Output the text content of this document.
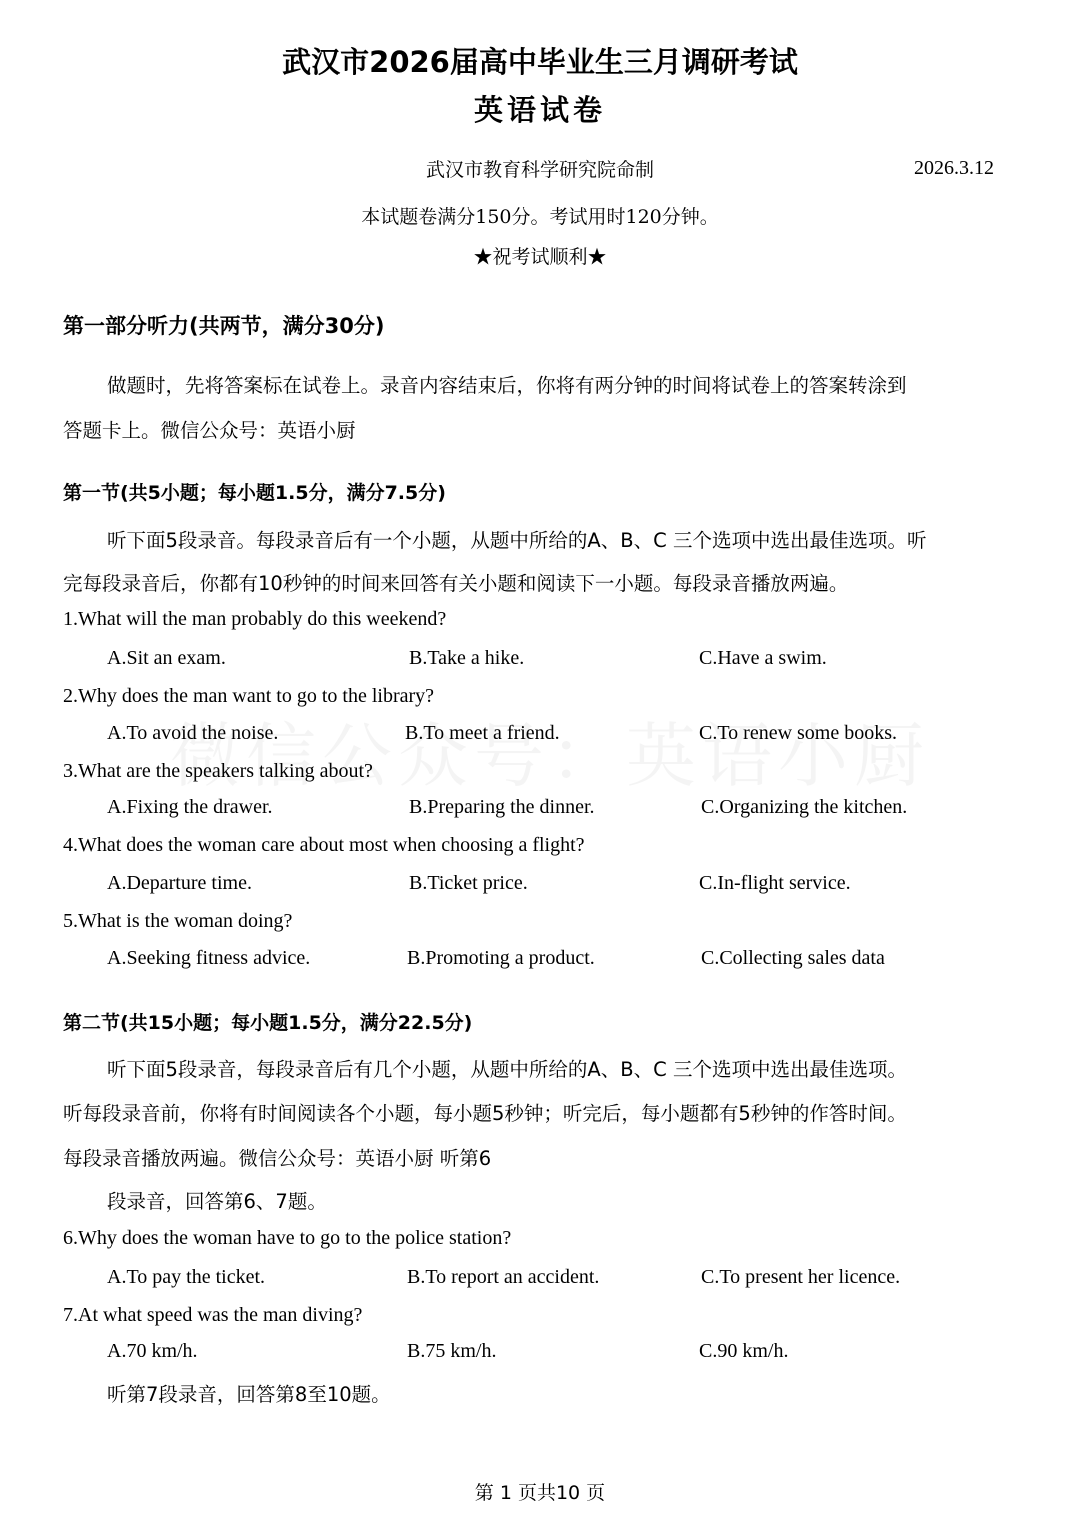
武汉市2026届高中毕业生三月调研考试
英语试卷
武汉市教育科学研究院命制	2026.3.12
本试题卷满分150分。考试用时120分钟。
★祝考试顺利★
第一部分听力(共两节，满分30分)
做题时，先将答案标在试卷上。录音内容结束后，你将有两分钟的时间将试卷上的答案转涂到
答题卡上。微信公众号：英语小厨
第一节(共5小题；每小题1.5分，满分7.5分)
听下面5段录音。每段录音后有一个小题，从题中所给的A、B、C 三个选项中选出最佳选项。听
完每段录音后，你都有10秒钟的时间来回答有关小题和阅读下一小题。每段录音播放两遍。
1.What will the man probably do this weekend?
A.Sit an exam.	B.Take a hike.	C.Have a swim.
2.Why does the man want to go to the library?
A.To avoid the noise.	B.To meet a friend.	C.To renew some books.
3.What are the speakers talking about?
A.Fixing the drawer.	B.Preparing the dinner.	C.Organizing the kitchen.
4.What does the woman care about most when choosing a flight?
A.Departure time.	B.Ticket price.	C.In-flight service.
5.What is the woman doing?
A.Seeking fitness advice.	B.Promoting a product.	C.Collecting sales data
第二节(共15小题；每小题1.5分，满分22.5分)
听下面5段录音，每段录音后有几个小题，从题中所给的A、B、C 三个选项中选出最佳选项。
听每段录音前，你将有时间阅读各个小题，每小题5秒钟；听完后，每小题都有5秒钟的作答时间。
每段录音播放两遍。微信公众号：英语小厨 听第6
段录音，回答第6、7题。
6.Why does the woman have to go to the police station?
A.To pay the ticket.	B.To report an accident.	C.To present her licence.
7.At what speed was the man diving?
A.70 km/h.	B.75 km/h.	C.90 km/h.
听第7段录音，回答第8至10题。
第 1 页共10 页
